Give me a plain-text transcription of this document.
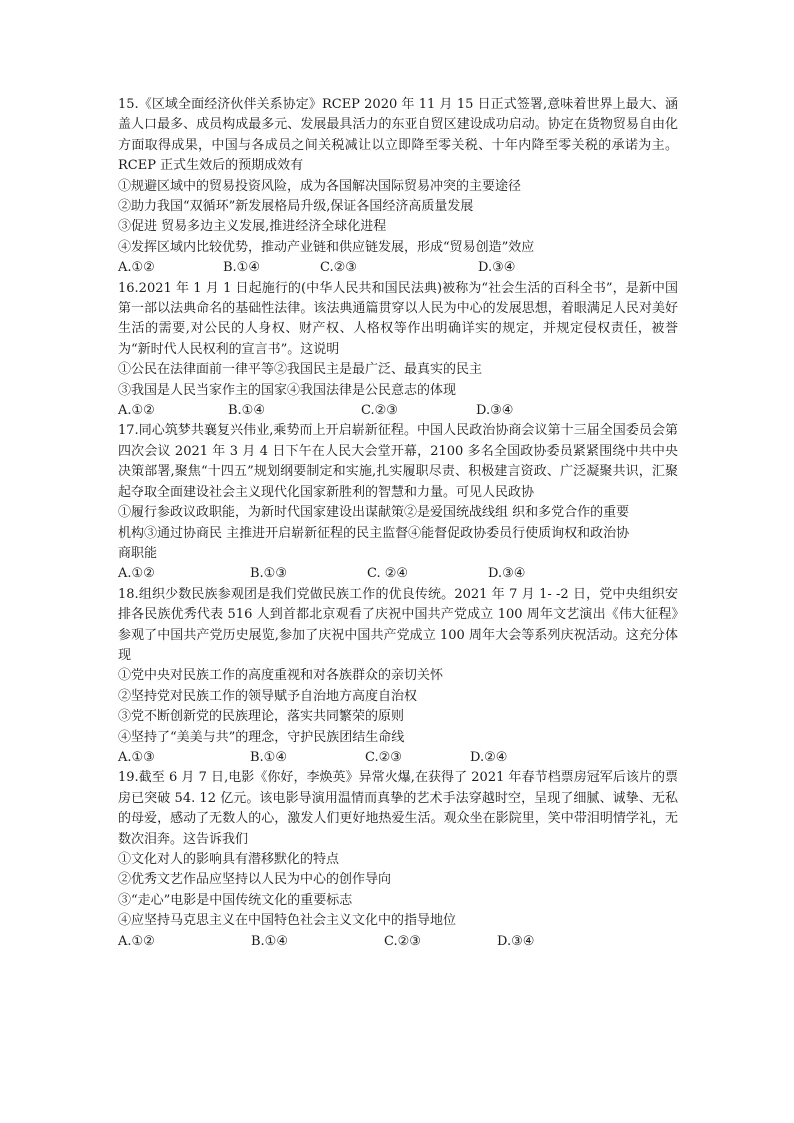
15.《区域全面经济伙伴关系协定》RCEP 2020 年 11 月 15 日正式签署,意味着世界上最大、涵盖人口最多、成员构成最多元、发展最具活力的东亚自贸区建设成功启动。协定在货物贸易自由化方面取得成果，中国与各成员之间关税减让以立即降至零关税、十年内降至零关税的承诺为主。RCEP 正式生效后的预期成效有

①规避区域中的贸易投资风险，成为各国解决国际贸易冲突的主要途径

②助力我国“双循环”新发展格局升级,保证各国经济高质量发展

③促进 贸易多边主义发展,推进经济全球化进程

④发挥区域内比较优势，推动产业链和供应链发展，形成“贸易创造”效应

A.①②	B.①④	C.②③	D.③④

16.2021 年 1 月 1 日起施行的(中华人民共和国民法典)被称为“社会生活的百科全书”，是新中国第一部以法典命名的基础性法律。该法典通篇贯穿以人民为中心的发展思想，着眼满足人民对美好生活的需要,对公民的人身权、财产权、人格权等作出明确详实的规定，并规定侵权责任，被誉为“新时代人民权利的宣言书”。这说明

①公民在法律面前一律平等②我国民主是最广泛、最真实的民主

③我国是人民当家作主的国家④我国法律是公民意志的体现

A.①②	B.①④	C.②③	D.③④

17.同心筑梦共襄复兴伟业,乘势而上开启崭新征程。中国人民政治协商会议第十三届全国委员会第四次会议 2021 年 3 月 4 日下午在人民大会堂开幕，2100 多名全国政协委员紧紧围绕中共中央决策部署,聚焦“十四五”规划纲要制定和实施,扎实履职尽责、积极建言资政、广泛凝聚共识，汇聚起夺取全面建设社会主义现代化国家新胜利的智慧和力量。可见人民政协

①履行参政议政职能，为新时代国家建设出谋献策②是爱国统战线组 织和多党合作的重要

机构③通过协商民 主推进开启崭新征程的民主监督④能督促政协委员行使质询权和政治协

商职能

A.①②	B.①③	C. ②④	D.③④

18.组织少数民族参观团是我们党做民族工作的优良传统。2021 年 7 月 1- -2 日，党中央组织安排各民族优秀代表 516 人到首都北京观看了庆祝中国共产党成立 100 周年文艺演出《伟大征程》参观了中国共产党历史展览,参加了庆祝中国共产党成立 100 周年大会等系列庆祝活动。这充分体现

①党中央对民族工作的高度重视和对各族群众的亲切关怀

②坚持党对民族工作的领导赋予自治地方高度自治权

③党不断创新党的民族理论，落实共同繁荣的原则

④坚持了“美美与共”的理念，守护民族团结生命线

A.①③	B.①④	C.②③	D.②④

19.截至 6 月 7 日,电影《你好，李焕英》异常火爆,在获得了 2021 年春节档票房冠军后该片的票房已突破 54. 12 亿元。该电影导演用温情而真挚的艺术手法穿越时空，呈现了细腻、诚挚、无私的母爱，感动了无数人的心，激发人们更好地热爱生活。观众坐在影院里，笑中带泪明情学礼，无数次泪奔。这告诉我们

①文化对人的影响具有潜移默化的特点

②优秀文艺作品应坚持以人民为中心的创作导向

③“走心”电影是中国传统文化的重要标志

④应坚持马克思主义在中国特色社会主义文化中的指导地位

A.①②	B.①④	C.②③	D.③④
